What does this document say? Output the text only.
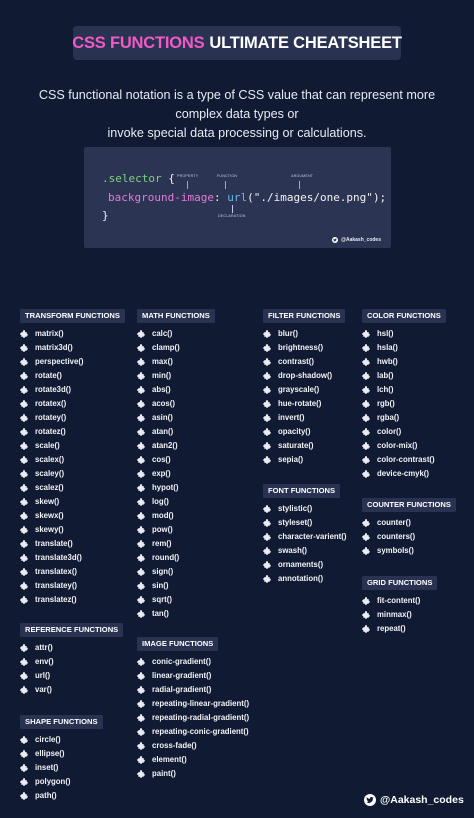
CSS FUNCTIONS ULTIMATE CHEATSHEET
CSS functional notation is a type of CSS value that can represent more complex data types or
invoke special data processing or calculations.
.selector {
background-image: url("./images/one.png");
}
PROPERTY	FUNCTION	ARGUMENT
DECLARATION
@Aakash_codes
TRANSFORM FUNCTIONS
matrix()
matrix3d()
perspective()
rotate()
rotate3d()
rotatex()
rotatey()
rotatez()
scale()
scalex()
scaley()
scalez()
skew()
skewx()
skewy()
translate()
translate3d()
translatex()
translatey()
translatez()
REFERENCE FUNCTIONS
attr()
env()
url()
var()
SHAPE FUNCTIONS
circle()
ellipse()
inset()
polygon()
path()
MATH FUNCTIONS
calc()
clamp()
max()
min()
abs()
acos()
asin()
atan()
atan2()
cos()
exp()
hypot()
log()
mod()
pow()
rem()
round()
sign()
sin()
sqrt()
tan()
IMAGE FUNCTIONS
conic-gradient()
linear-gradient()
radial-gradient()
repeating-linear-gradient()
repeating-radial-gradient()
repeating-conic-gradient()
cross-fade()
element()
paint()
FILTER FUNCTIONS
blur()
brightness()
contrast()
drop-shadow()
grayscale()
hue-rotate()
invert()
opacity()
saturate()
sepia()
FONT FUNCTIONS
stylistic()
styleset()
character-varient()
swash()
ornaments()
annotation()
COLOR FUNCTIONS
hsl()
hsla()
hwb()
lab()
lch()
rgb()
rgba()
color()
color-mix()
color-contrast()
device-cmyk()
COUNTER FUNCTIONS
counter()
counters()
symbols()
GRID FUNCTIONS
fit-content()
minmax()
repeat()
@Aakash_codes
